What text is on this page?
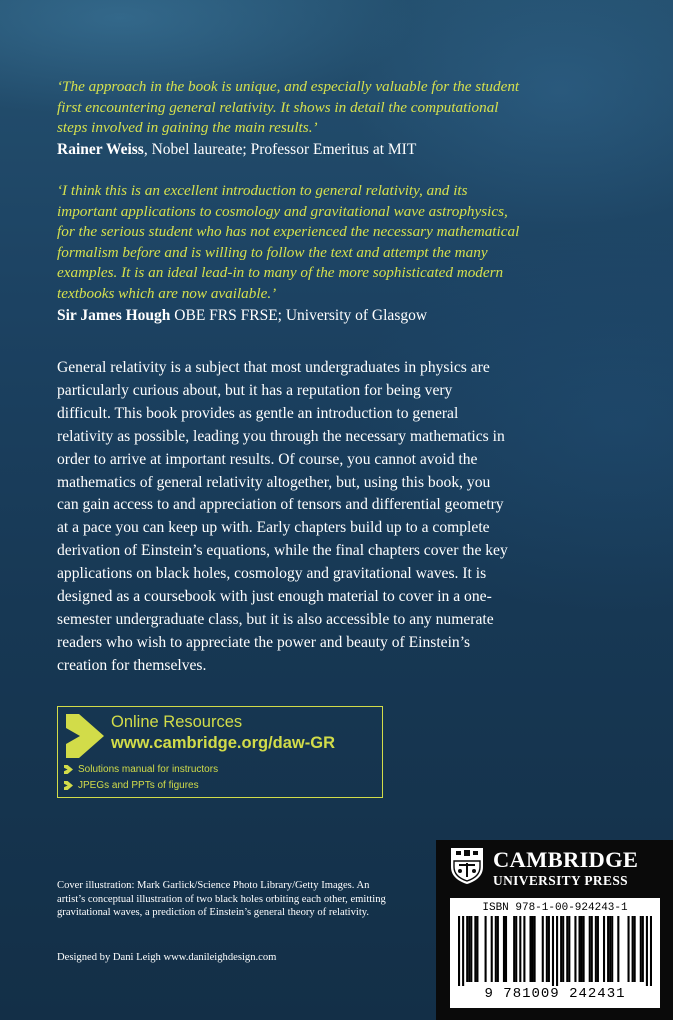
‘The approach in the book is unique, and especially valuable for the student first encountering general relativity. It shows in detail the computational steps involved in gaining the main results.’

Rainer Weiss, Nobel laureate; Professor Emeritus at MIT

‘I think this is an excellent introduction to general relativity, and its important applications to cosmology and gravitational wave astrophysics, for the serious student who has not experienced the necessary mathematical formalism before and is willing to follow the text and attempt the many examples. It is an ideal lead-in to many of the more sophisticated modern textbooks which are now available.’

Sir James Hough OBE FRS FRSE; University of Glasgow

General relativity is a subject that most undergraduates in physics are particularly curious about, but it has a reputation for being very difficult. This book provides as gentle an introduction to general relativity as possible, leading you through the necessary mathematics in order to arrive at important results. Of course, you cannot avoid the mathematics of general relativity altogether, but, using this book, you can gain access to and appreciation of tensors and differential geometry at a pace you can keep up with. Early chapters build up to a complete derivation of Einstein’s equations, while the final chapters cover the key applications on black holes, cosmology and gravitational waves. It is designed as a coursebook with just enough material to cover in a one-semester undergraduate class, but it is also accessible to any numerate readers who wish to appreciate the power and beauty of Einstein’s creation for themselves.

Online Resources
www.cambridge.org/daw-GR
Solutions manual for instructors
JPEGs and PPTs of figures

Cover illustration: Mark Garlick/Science Photo Library/Getty Images. An artist’s conceptual illustration of two black holes orbiting each other, emitting gravitational waves, a prediction of Einstein’s general theory of relativity.

Designed by Dani Leigh www.danileighdesign.com

CAMBRIDGE
UNIVERSITY PRESS
ISBN 978-1-00-924243-1
9 781009 242431
